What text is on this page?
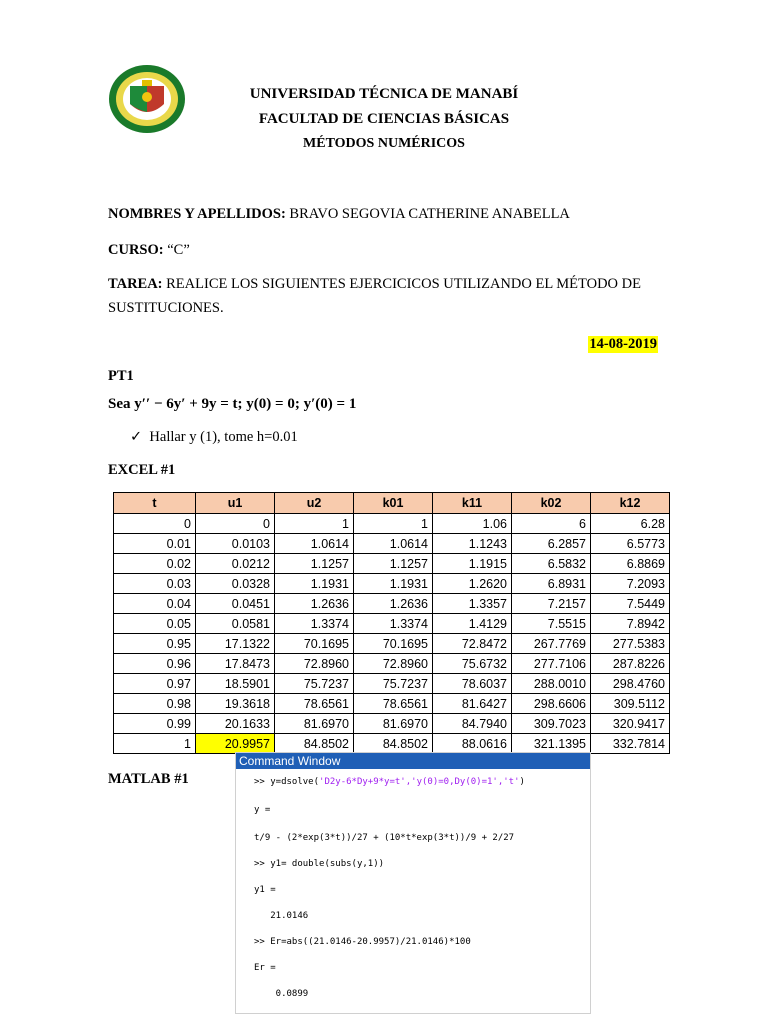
UNIVERSIDAD TÉCNICA DE MANABÍ
FACULTAD DE CIENCIAS BÁSICAS
MÉTODOS NUMÉRICOS
NOMBRES Y APELLIDOS: BRAVO SEGOVIA CATHERINE ANABELLA
CURSO: “C”
TAREA: REALICE LOS SIGUIENTES EJERCICICOS UTILIZANDO EL MÉTODO DE
SUSTITUCIONES.
14-08-2019
PT1
Sea y′′ − 6y′ + 9y = t; y(0) = 0; y′(0) = 1
✓ Hallar y (1), tome h=0.01
EXCEL #1
t	u1	u2	k01	k11	k02	k12
0	0	1	1	1.06	6	6.28
0.01	0.0103	1.0614	1.0614	1.1243	6.2857	6.5773
0.02	0.0212	1.1257	1.1257	1.1915	6.5832	6.8869
0.03	0.0328	1.1931	1.1931	1.2620	6.8931	7.2093
0.04	0.0451	1.2636	1.2636	1.3357	7.2157	7.5449
0.05	0.0581	1.3374	1.3374	1.4129	7.5515	7.8942
0.95	17.1322	70.1695	70.1695	72.8472	267.7769	277.5383
0.96	17.8473	72.8960	72.8960	75.6732	277.7106	287.8226
0.97	18.5901	75.7237	75.7237	78.6037	288.0010	298.4760
0.98	19.3618	78.6561	78.6561	81.6427	298.6606	309.5112
0.99	20.1633	81.6970	81.6970	84.7940	309.7023	320.9417
1	20.9957	84.8502	84.8502	88.0616	321.1395	332.7814
MATLAB #1
Command Window
>> y=dsolve('D2y-6*Dy+9*y=t','y(0)=0,Dy(0)=1','t')
y =
t/9 - (2*exp(3*t))/27 + (10*t*exp(3*t))/9 + 2/27
>> y1= double(subs(y,1))
y1 =
21.0146
>> Er=abs((21.0146-20.9957)/21.0146)*100
Er =
0.0899
